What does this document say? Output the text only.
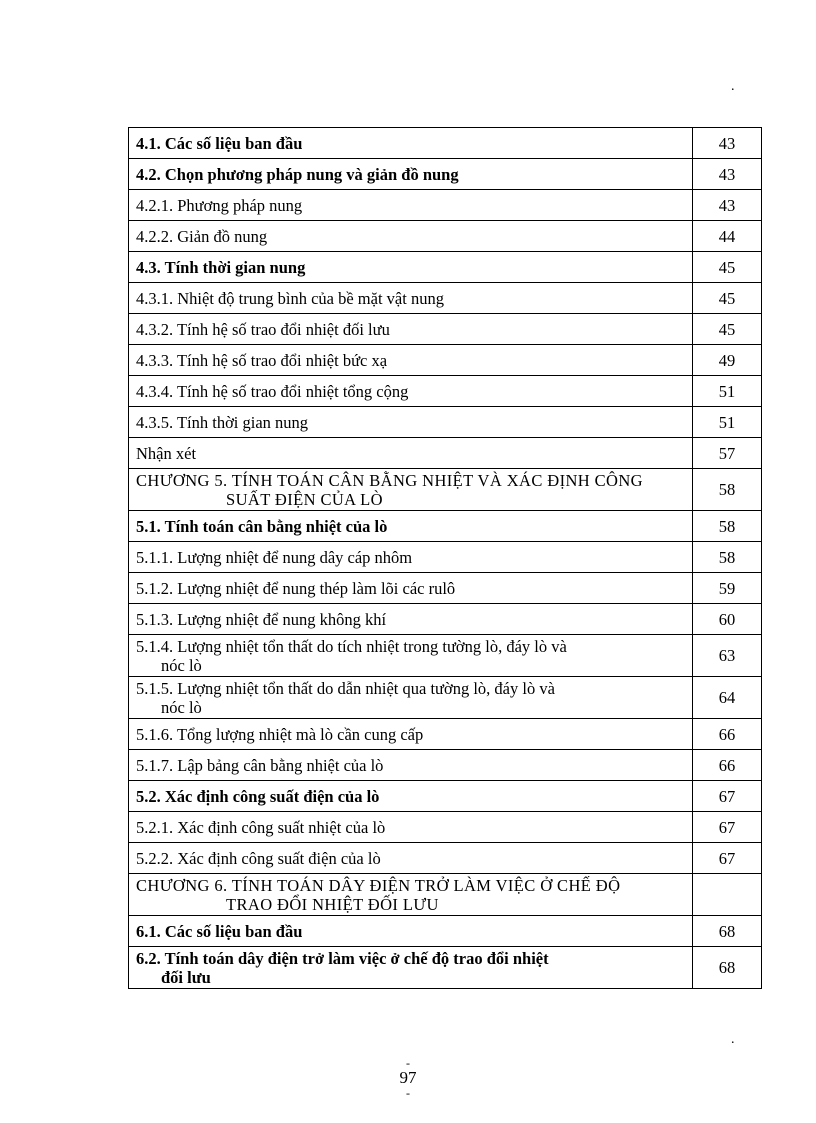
.
4.1. Các số liệu ban đầu	43
4.2. Chọn phương pháp nung và giản đồ nung	43
4.2.1. Phương pháp nung	43
4.2.2. Giản đồ nung	44
4.3. Tính thời gian nung	45
4.3.1. Nhiệt độ trung bình của bề mặt vật nung	45
4.3.2. Tính hệ số trao đổi nhiệt đối lưu	45
4.3.3. Tính hệ số trao đổi nhiệt bức xạ	49
4.3.4. Tính hệ số trao đổi nhiệt tổng cộng	51
4.3.5. Tính thời gian nung	51
Nhận xét	57

CHƯƠNG 5. TÍNH TOÁN CÂN BẰNG NHIỆT VÀ XÁC ĐỊNH CÔNG
SUẤT ĐIỆN CỦA LÒ	58
5.1. Tính toán cân bằng nhiệt của lò	58
5.1.1. Lượng nhiệt để nung dây cáp nhôm	58
5.1.2. Lượng nhiệt để nung thép làm lõi các rulô	59
5.1.3. Lượng nhiệt để nung không khí	60

5.1.4. Lượng nhiệt tổn thất do tích nhiệt trong tường lò, đáy lò và
nóc lò	63

5.1.5. Lượng nhiệt tổn thất do dẫn nhiệt qua tường lò, đáy lò và
nóc lò	64
5.1.6. Tổng lượng nhiệt mà lò cần cung cấp	66
5.1.7. Lập bảng cân bằng nhiệt của lò	66
5.2. Xác định công suất điện của lò	67
5.2.1. Xác định công suất nhiệt của lò	67
5.2.2. Xác định công suất điện của lò	67

CHƯƠNG 6. TÍNH TOÁN DÂY ĐIỆN TRỞ LÀM VIỆC Ở CHẾ ĐỘ
TRAO ĐỔI NHIỆT ĐỐI LƯU	

6.1. Các số liệu ban đầu	68

6.2. Tính toán dây điện trở làm việc ở chế độ trao đổi nhiệt
đối lưu	68
.
-
97
-
